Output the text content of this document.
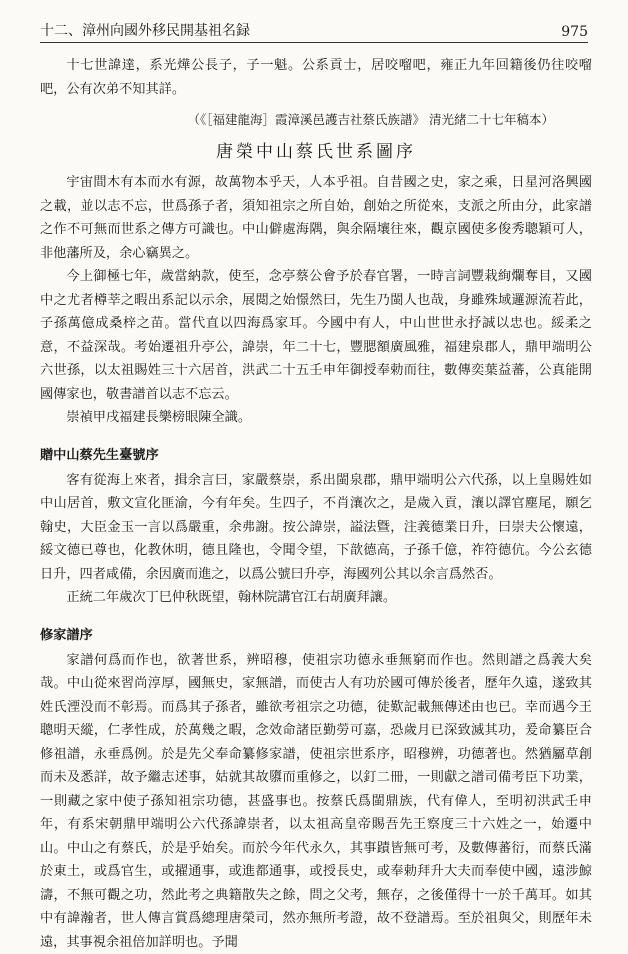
十二、漳州向國外移民開基祖名録	975

十七世諱達，系光燁公長子，子一魁。公系貢士，居咬𠺕吧，雍正九年回籍後仍往咬𠺕吧，公有次弟不知其詳。

（《［福建龍海］霞漳溪邑護吉社蔡氏族譜》 清光緒二十七年稿本）
唐榮中山蔡氏世系圖序

宇宙間木有本而水有源，故萬物本乎天，人本乎祖。自昔國之史，家之乘，日星河洛興國之載，並以志不忘，世爲孫子者，須知祖宗之所自始，創始之所從來，支派之所由分，此家譜之作不可無而世系之傳方可識也。中山僻處海隅，與余隔壤往來，觀京國使多俊秀聰穎可人，非他藩所及，余心竊異之。

今上御極七年，歲當納款，使至，念亭蔡公會予於春官署，一時言詞豐栽絢爛奪目，又國中之尤者樽莘之暇出系記以示余，展閲之始憬然曰，先生乃閩人也哉，身雖殊域邏源流若此，子孫萬億成桑梓之苗。當代直以四海爲家耳。今國中有人，中山世世永抒誠以忠也。綏柔之意，不益深哉。考始遷祖升亭公，諱崇，年二十七，豐腮額廣風雅，福建泉郡人，鼎甲端明公六世孫，以太祖賜姓三十六居首，洪武二十五壬申年御授奉勅而往，數傳奕葉益蕃，公真能開國傳家也，敬書譜首以志不忘云。

崇禎甲戌福建長樂榜眼陳全識。

贈中山蔡先生臺號序

客有從海上來者，揖余言曰，家嚴蔡崇，系出閩泉郡，鼎甲端明公六代孫，以上皇賜姓如中山居首，敷文宣化匪渝，今有年矣。生四子，不肖瀼次之，是歲入貢，瀼以譯官塵尾，願乞翰史，大臣金玉一言以爲嚴重，余弗謝。按公諱崇，謚法曁，注義德業日升，曰崇夫公懷遠，綏文德已尊也，化教休明，德且隆也，令聞令望，下歆德高，子孫千億，祚符德伉。今公玄德日升，四者咸備，余因廣而進之，以爲公號曰升亭，海國列公其以余言爲然否。

正統二年歲次丁巳仲秋既望，翰林院講官江右胡廣拜讓。

修家譜序

家譜何爲而作也，欲著世系，辨昭穆，使祖宗功德永垂無窮而作也。然則譜之爲義大矣哉。中山從來習尚淳厚，國無史，家無譜，而使古人有功於國可傳於後者，歷年久遠，遂致其姓氏湮没而不彰焉。而爲其子孫者，雖欲考祖宗之功德，徒歎記載無傳述由也已。幸而遇今王聰明天縱，仁孝性成，於萬幾之暇，念效命諸臣勤勞可嘉，恐歲月已深致滅其功，爰命纂臣合修祖譜，永垂爲例。於是先父奉命纂修家譜，使祖宗世系序，昭穆辨，功德著也。然猶屬草創而未及悉詳，故予繼志述事，姑就其故隳而重修之，以釘二冊，一則獻之譜司備考臣下功業，一則藏之家中使子孫知祖宗功德，甚盛事也。按蔡氏爲閩鼎族，代有偉人，至明初洪武壬申年，有系宋朝鼎甲端明公六代孫諱崇者，以太祖高皇帝賜吾先王察度三十六姓之一，始遷中山。中山之有蔡氏，於是乎始矣。而於今年代永久，其事蹟皆無可考，及數傳蕃衍，而蔡氏滿於東土，或爲官生，或擢通事，或進都通事，或授長史，或奉勅拜升大夫而奉使中國，遠涉鯨濤，不無可觀之功，然此考之典籍散失之餘，問之父考，無存，之後僅得十一於千萬耳。如其中有諱瀚者，世人傳言賞爲總理唐榮司，然亦無所考證，故不登譜焉。至於祖與父，則歷年未遠，其事視余祖倍加詳明也。予聞
